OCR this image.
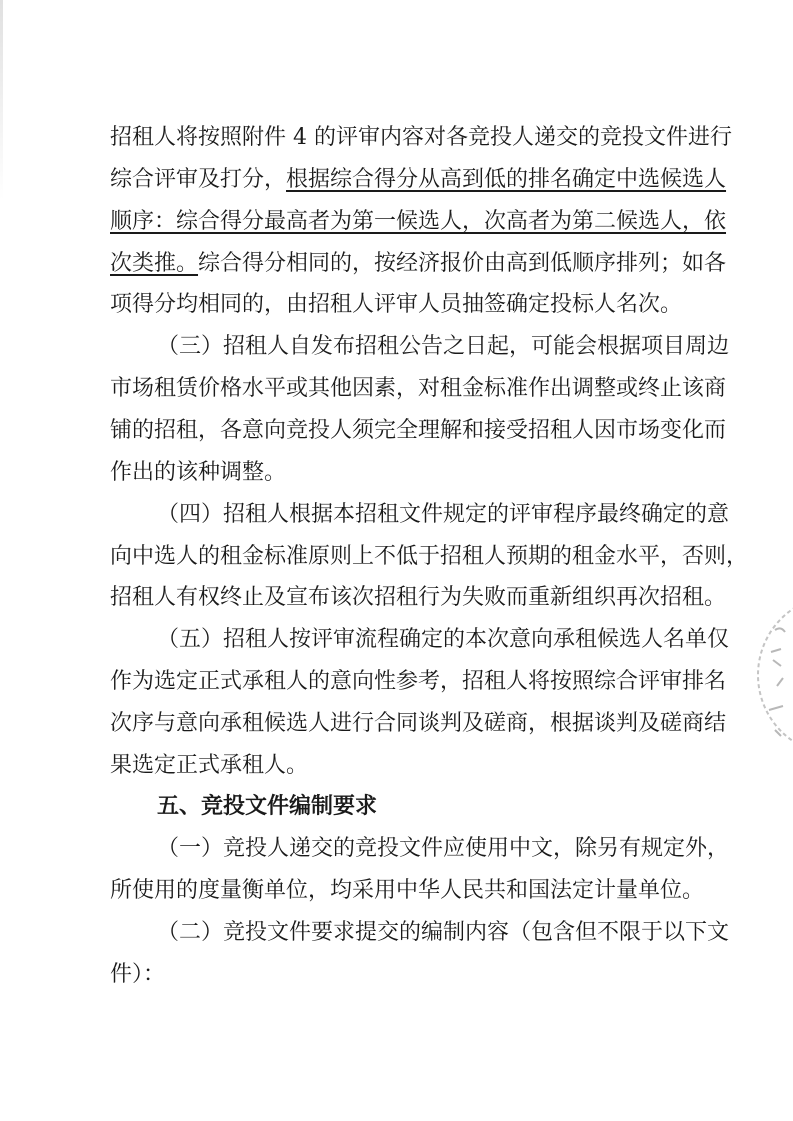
招租人将按照附件 4 的评审内容对各竞投人递交的竞投文件进行
综合评审及打分，根据综合得分从高到低的排名确定中选候选人
顺序：综合得分最高者为第一候选人，次高者为第二候选人，依
次类推。综合得分相同的，按经济报价由高到低顺序排列；如各
项得分均相同的，由招租人评审人员抽签确定投标人名次。
（三）招租人自发布招租公告之日起，可能会根据项目周边
市场租赁价格水平或其他因素，对租金标准作出调整或终止该商
铺的招租，各意向竞投人须完全理解和接受招租人因市场变化而
作出的该种调整。
（四）招租人根据本招租文件规定的评审程序最终确定的意
向中选人的租金标准原则上不低于招租人预期的租金水平，否则，
招租人有权终止及宣布该次招租行为失败而重新组织再次招租。
（五）招租人按评审流程确定的本次意向承租候选人名单仅
作为选定正式承租人的意向性参考，招租人将按照综合评审排名
次序与意向承租候选人进行合同谈判及磋商，根据谈判及磋商结
果选定正式承租人。
五、竞投文件编制要求
（一）竞投人递交的竞投文件应使用中文，除另有规定外，
所使用的度量衡单位，均采用中华人民共和国法定计量单位。
（二）竞投文件要求提交的编制内容（包含但不限于以下文
件）：
